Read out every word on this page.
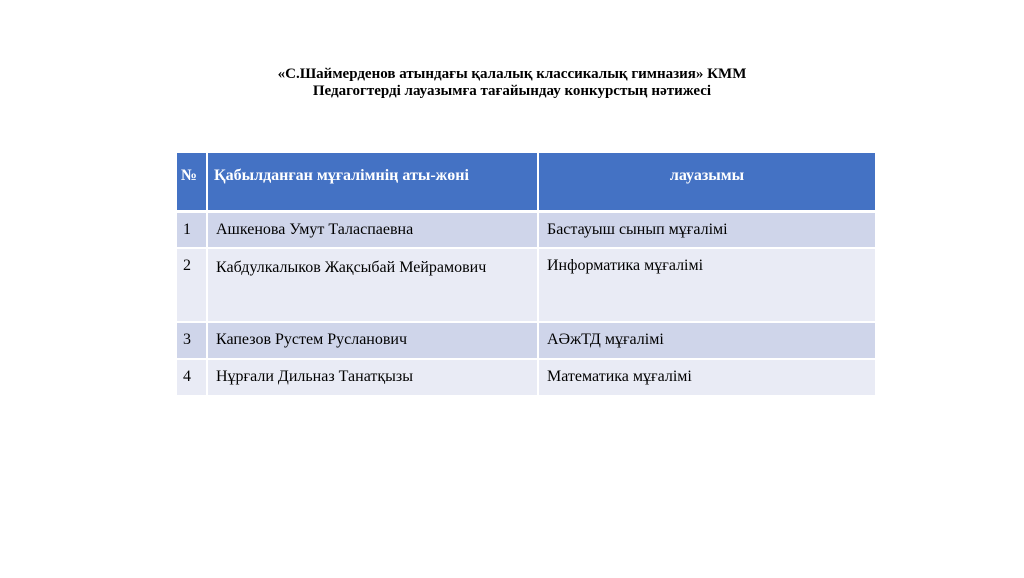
«С.Шаймерденов атындағы қалалық классикалық гимназия» КММ
Педагогтерді лауазымға тағайындау конкурстың нәтижесі
№	Қабылданған мұғалімнің аты-жөні	лауазымы
1	Ашкенова Умут Таласпаевна	Бастауыш сынып мұғалімі
2	Кабдулкалыков Жақсыбай Мейрамович	Информатика мұғалімі
3	Капезов Рустем Русланович	АӘжТД мұғалімі
4	Нұрғали Дильназ Танатқызы	Математика мұғалімі
